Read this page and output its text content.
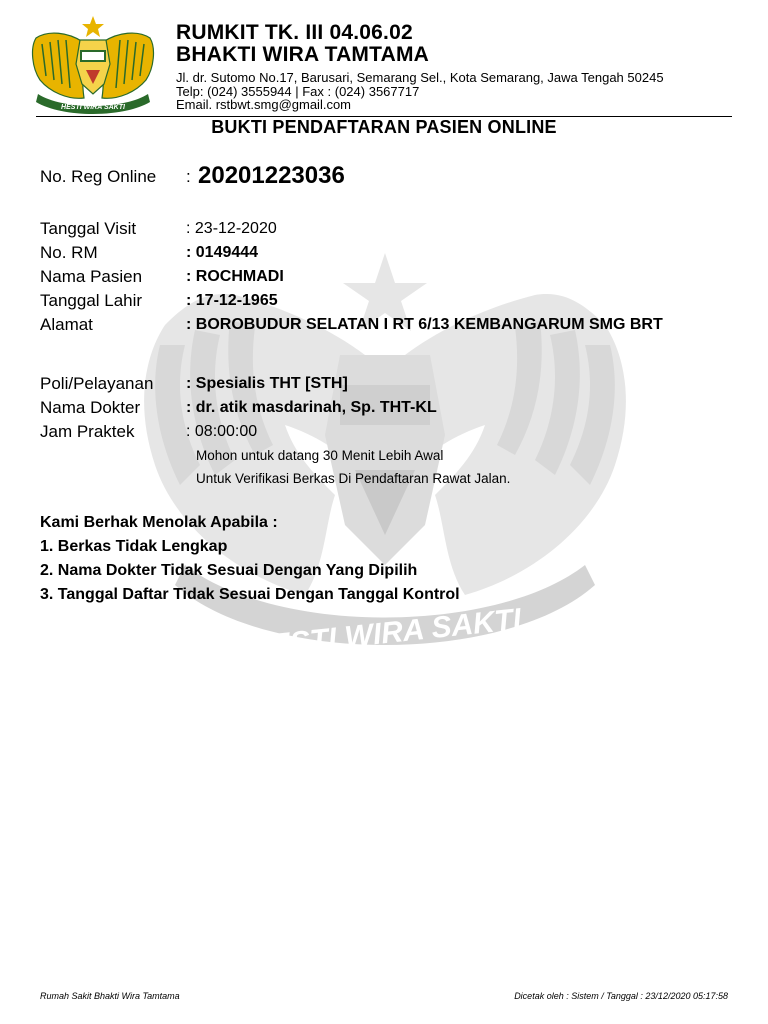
HESTI WIRA SAKTI
HESTI WIRA SAKTI
RUMKIT TK. III 04.06.02
BHAKTI WIRA TAMTAMA
Jl. dr. Sutomo No.17, Barusari, Semarang Sel., Kota Semarang, Jawa Tengah 50245
Telp: (024) 3555944 | Fax : (024) 3567717
Email. rstbwt.smg@gmail.com
BUKTI PENDAFTARAN PASIEN ONLINE
No. Reg Online : 20201223036
Tanggal Visit	: 23-12-2020
No. RM	: 0149444
Nama Pasien	: ROCHMADI
Tanggal Lahir	: 17-12-1965
Alamat	: BOROBUDUR SELATAN I RT 6/13 KEMBANGARUM SMG BRT
Poli/Pelayanan : Spesialis THT [STH]
Nama Dokter	: dr. atik masdarinah, Sp. THT-KL
Jam Praktek	: 08:00:00
Mohon untuk datang 30 Menit Lebih Awal
Untuk Verifikasi Berkas Di Pendaftaran Rawat Jalan.
Kami Berhak Menolak Apabila :
1. Berkas Tidak Lengkap
2. Nama Dokter Tidak Sesuai Dengan Yang Dipilih
3. Tanggal Daftar Tidak Sesuai Dengan Tanggal Kontrol
Rumah Sakit Bhakti Wira Tamtama	Dicetak oleh : Sistem / Tanggal : 23/12/2020 05:17:58
